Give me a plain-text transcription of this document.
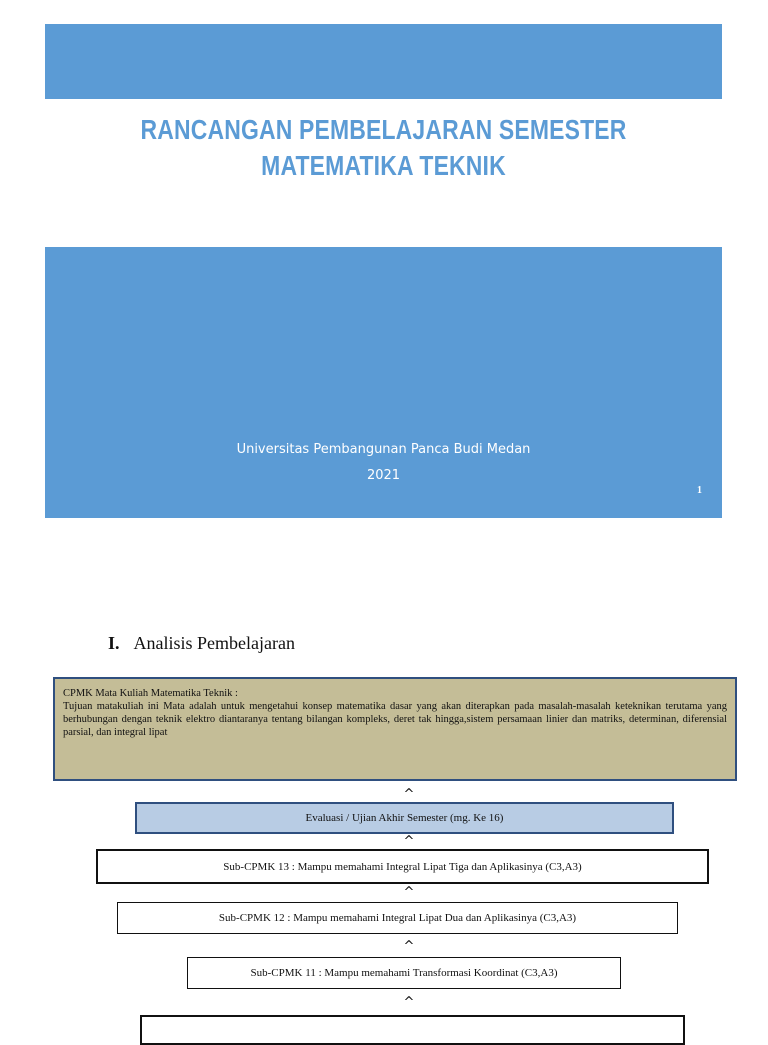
RANCANGAN PEMBELAJARAN SEMESTER
MATEMATIKA TEKNIK
Universitas Pembangunan Panca Budi Medan
2021
1
I. Analisis Pembelajaran
CPMK Mata Kuliah Matematika Teknik :
Tujuan matakuliah ini Mata adalah untuk mengetahui konsep matematika dasar yang akan diterapkan pada masalah-masalah keteknikan terutama yang berhubungan dengan teknik elektro diantaranya tentang bilangan kompleks, deret tak hingga,sistem persamaan linier dan matriks, determinan, diferensial parsial, dan integral lipat
^
Evaluasi / Ujian Akhir Semester (mg. Ke 16)
^
Sub-CPMK 13 : Mampu memahami Integral Lipat Tiga dan Aplikasinya (C3,A3)
^
Sub-CPMK 12 : Mampu memahami Integral Lipat Dua dan Aplikasinya (C3,A3)
^
Sub-CPMK 11 : Mampu memahami Transformasi Koordinat (C3,A3)
^
